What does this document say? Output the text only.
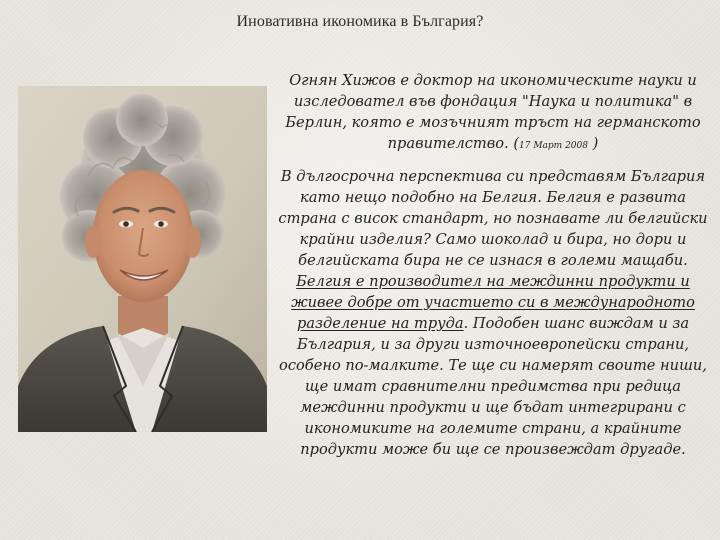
Иновативна икономика в България?

Огнян Хижов е доктор на икономическите науки и изследовател във фондация "Наука и политика" в Берлин, която е мозъчният тръст на германското правителство. (17 Март 2008 )

В дългосрочна перспектива си представям България като нещо подобно на Белгия. Белгия е развита страна с висок стандарт, но познавате ли белгийски крайни изделия? Само шоколад и бира, но дори и белгийската бира не се изнася в големи мащаби. Белгия е производител на междинни продукти и живее добре от участието си в международното разделение на труда. Подобен шанс виждам и за България, и за други източноевропейски страни, особено по-малките. Те ще си намерят своите ниши, ще имат сравнителни предимства при редица междинни продукти и ще бъдат интегрирани с икономиките на големите страни, а крайните продукти може би ще се произвеждат другаде.
